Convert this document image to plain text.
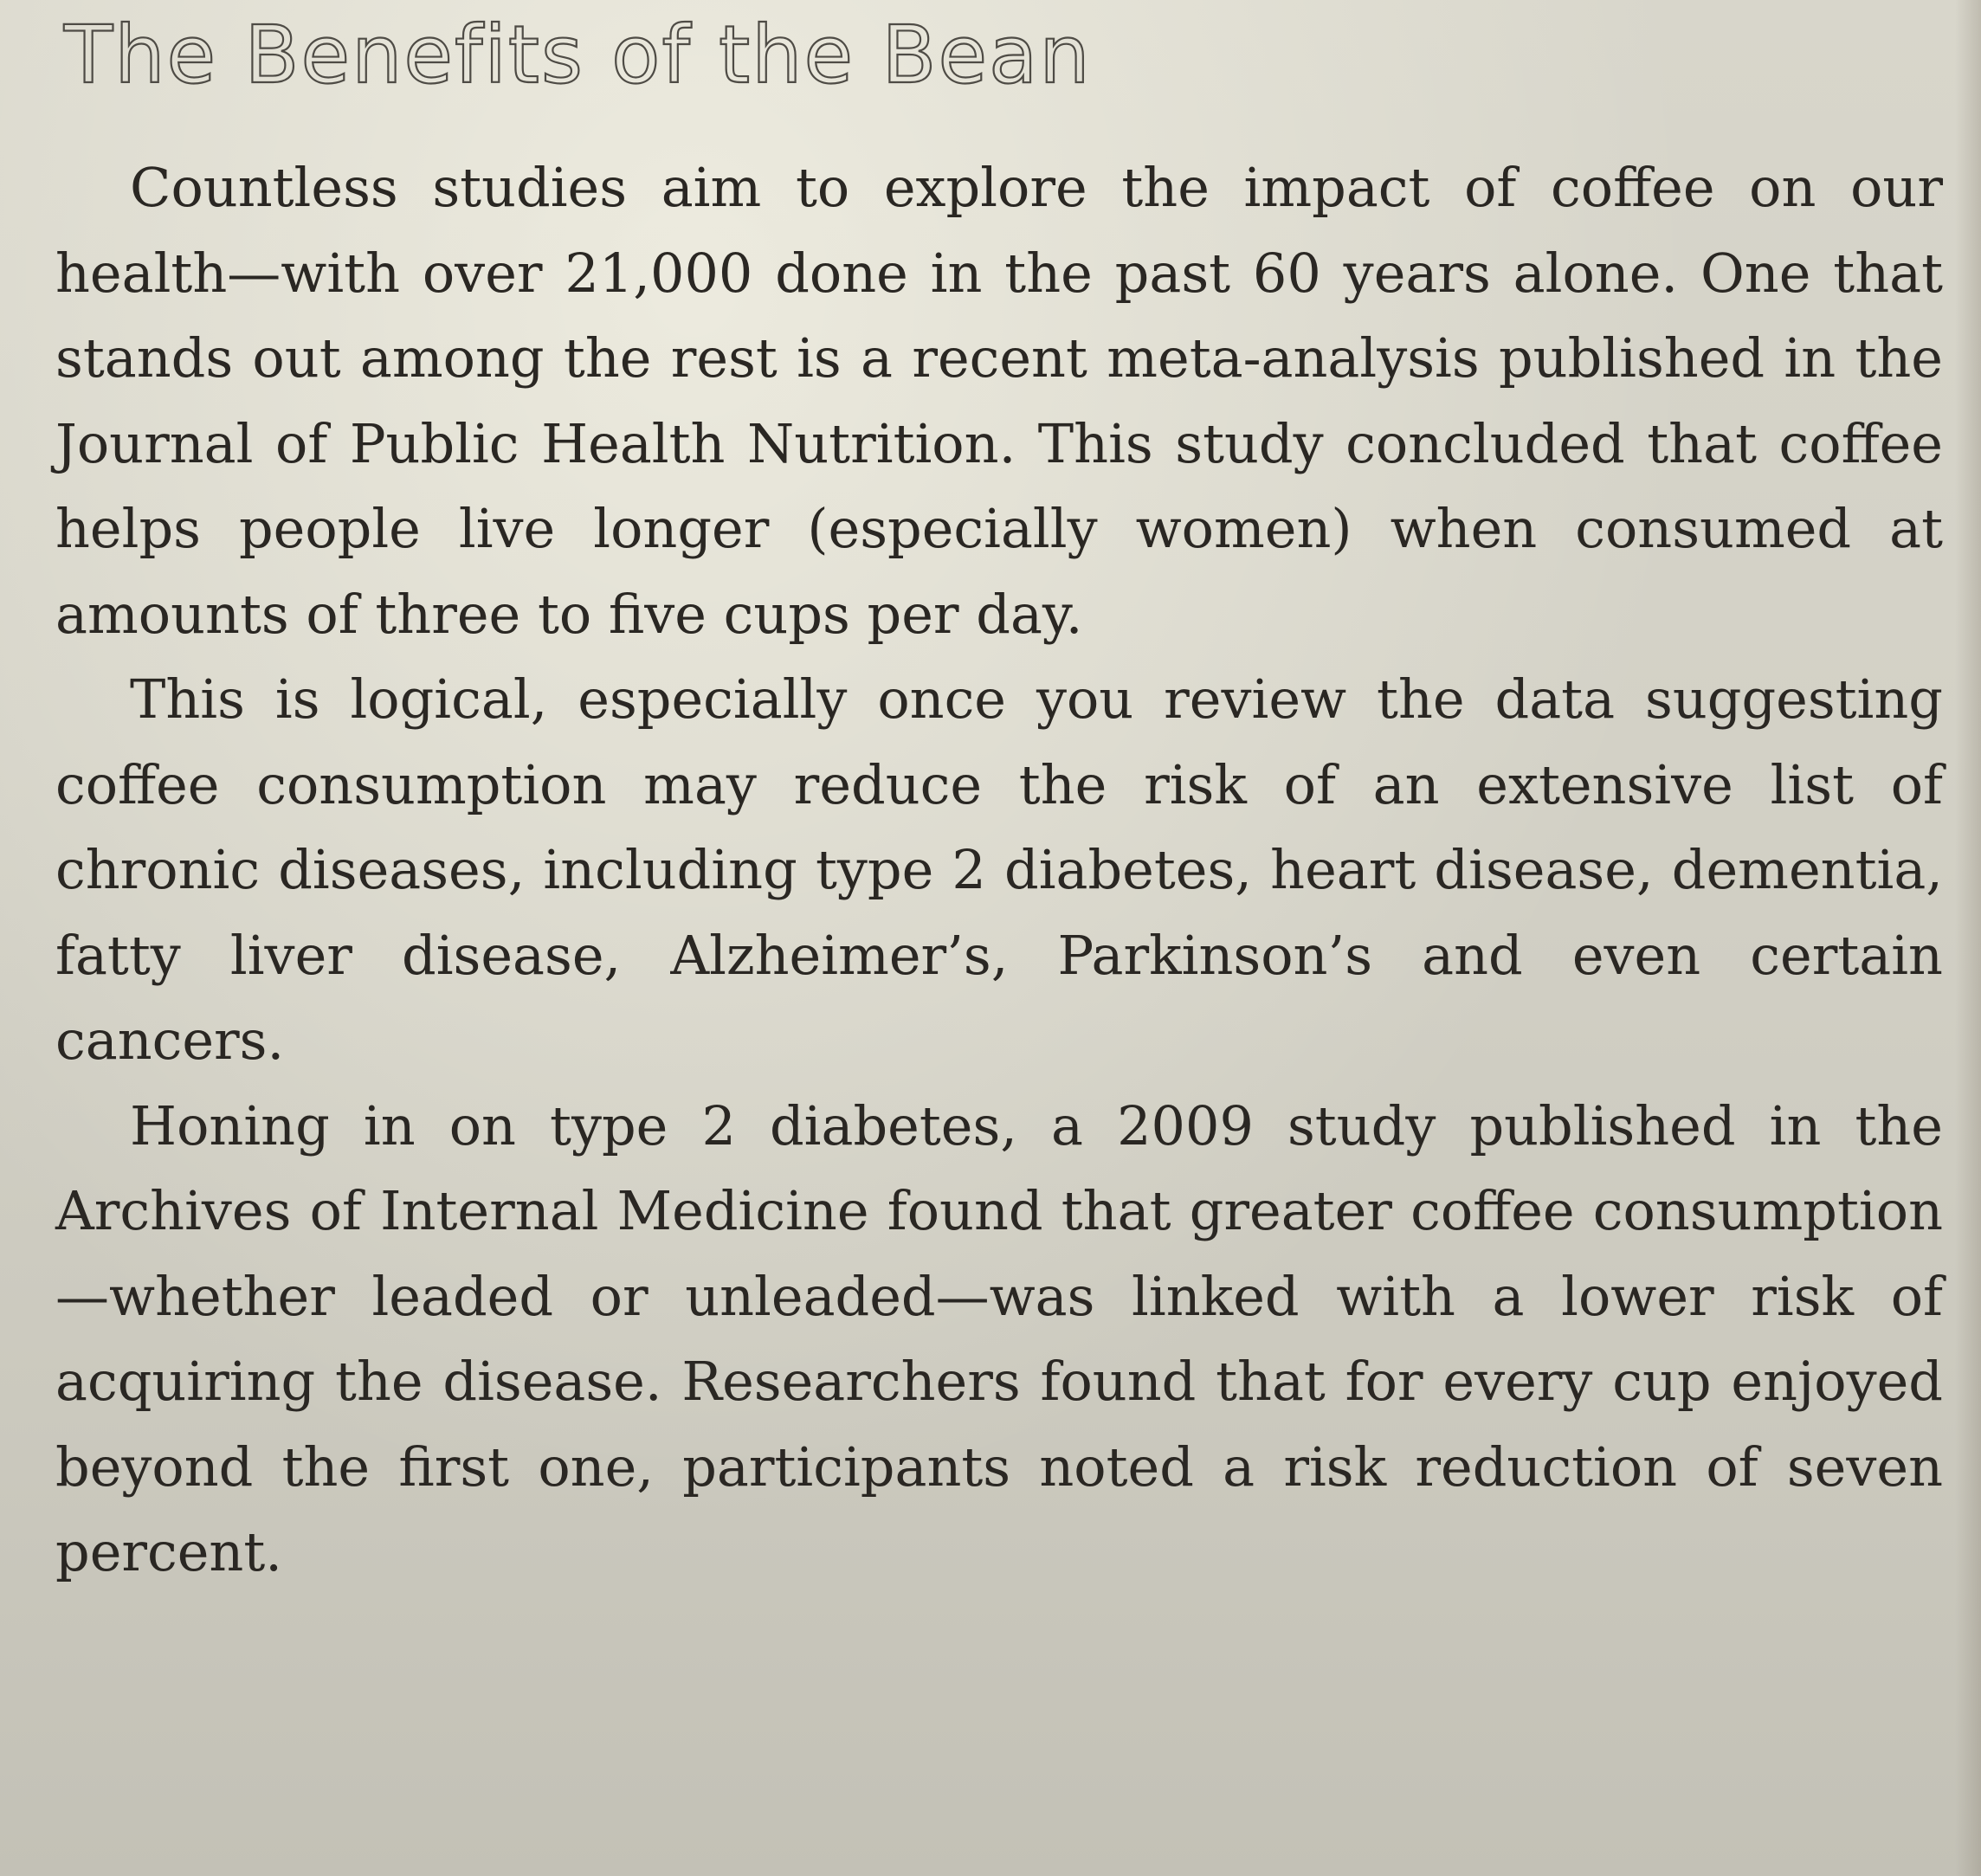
The Benefits of the Bean

Countless studies aim to explore the impact of coffee on our health—with over 21,000 done in the past 60 years alone. One that stands out among the rest is a recent meta-analysis published in the Journal of Public Health Nutrition. This study concluded that coffee helps people live longer (especially women) when consumed at amounts of three to five cups per day.

This is logical, especially once you review the data suggesting coffee consumption may reduce the risk of an extensive list of chronic diseases, including type 2 diabetes, heart disease, dementia, fatty liver disease, Alzheimer’s, Parkinson’s and even certain cancers.

Honing in on type 2 diabetes, a 2009 study published in the Archives of Internal Medicine found that greater coffee consumption—whether leaded or unleaded—was linked with a lower risk of acquiring the disease. Researchers found that for every cup enjoyed beyond the first one, participants noted a risk reduction of seven percent.
